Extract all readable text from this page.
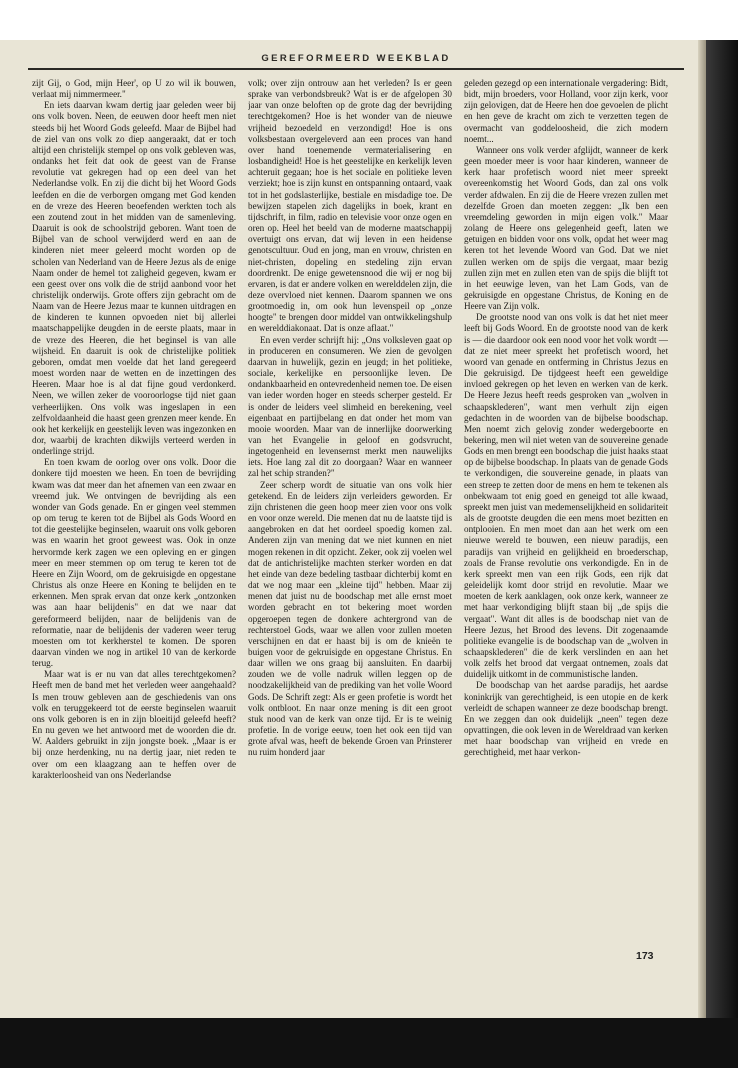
GEREFORMEERD WEEKBLAD

zijt Gij, o God, mijn Heer', op U zo wil ik bouwen, verlaat mij nimmermeer."

En iets daarvan kwam dertig jaar geleden weer bij ons volk boven. Neen, de eeuwen door heeft men niet steeds bij het Woord Gods geleefd. Maar de Bijbel had de ziel van ons volk zo diep aangeraakt, dat er toch altijd een christelijk stempel op ons volk gebleven was, ondanks het feit dat ook de geest van de Franse revolutie vat gekregen had op een deel van het Nederlandse volk. En zij die dicht bij het Woord Gods leefden en die de verborgen omgang met God kenden en de vreze des Heeren beoefenden werkten toch als een zoutend zout in het midden van de samenleving. Daaruit is ook de schoolstrijd geboren. Want toen de Bijbel van de school verwijderd werd en aan de kinderen niet meer geleerd mocht worden op de scholen van Nederland van de Heere Jezus als de enige Naam onder de hemel tot zaligheid gegeven, kwam er een geest over ons volk die de strijd aanbond voor het christelijk onderwijs. Grote offers zijn gebracht om de Naam van de Heere Jezus maar te kunnen uitdragen en de kinderen te kunnen opvoeden niet bij allerlei maatschappelijke deugden in de eerste plaats, maar in de vreze des Heeren, die het beginsel is van alle wijsheid. En daaruit is ook de christelijke politiek geboren, omdat men voelde dat het land geregeerd moest worden naar de wetten en de inzettingen des Heeren. Maar hoe is al dat fijne goud verdonkerd. Neen, we willen zeker de vooroorlogse tijd niet gaan verheerlijken. Ons volk was ingeslapen in een zelfvoldaanheid die haast geen grenzen meer kende. En ook het kerkelijk en geestelijk leven was ingezonken en dor, waarbij de krachten dikwijls verteerd werden in onderlinge strijd.

En toen kwam de oorlog over ons volk. Door die donkere tijd moesten we heen. En toen de bevrijding kwam was dat meer dan het afnemen van een zwaar en vreemd juk. We ontvingen de bevrijding als een wonder van Gods genade. En er gingen veel stemmen op om terug te keren tot de Bijbel als Gods Woord en tot die geestelijke beginselen, waaruit ons volk geboren was en waarin het groot geweest was. Ook in onze hervormde kerk zagen we een opleving en er gingen meer en meer stemmen op om terug te keren tot de Heere en Zijn Woord, om de gekruisigde en opgestane Christus als onze Heere en Koning te belijden en te erkennen. Men sprak ervan dat onze kerk „ontzonken was aan haar belijdenis" en dat we naar dat gereformeerd belijden, naar de belijdenis van de reformatie, naar de belijdenis der vaderen weer terug moesten om tot kerkherstel te komen. De sporen daarvan vinden we nog in artikel 10 van de kerkorde terug.

Maar wat is er nu van dat alles terechtgekomen? Heeft men de band met het verleden weer aangehaald? Is men trouw gebleven aan de geschiedenis van ons volk en teruggekeerd tot de eerste beginselen waaruit ons volk geboren is en in zijn bloeitijd geleefd heeft? En nu geven we het antwoord met de woorden die dr. W. Aalders gebruikt in zijn jongste boek. „Maar is er bij onze herdenking, nu na dertig jaar, niet reden te over om een klaagzang aan te heffen over de karakterloosheid van ons Nederlandse

volk; over zijn ontrouw aan het verleden? Is er geen sprake van verbondsbreuk? Wat is er de afgelopen 30 jaar van onze beloften op de grote dag der bevrijding terechtgekomen? Hoe is het wonder van de nieuwe vrijheid bezoedeld en verzondigd! Hoe is ons volksbestaan overgeleverd aan een proces van hand over hand toenemende vermaterialisering en losbandigheid! Hoe is het geestelijke en kerkelijk leven achteruit gegaan; hoe is het sociale en politieke leven verziekt; hoe is zijn kunst en ontspanning ontaard, vaak tot in het godslasterlijke, bestiale en misdadige toe. De bewijzen stapelen zich dagelijks in boek, krant en tijdschrift, in film, radio en televisie voor onze ogen en oren op. Heel het beeld van de moderne maatschappij overtuigt ons ervan, dat wij leven in een heidense genotscultuur. Oud en jong, man en vrouw, christen en niet-christen, dopeling en stedeling zijn ervan doordrenkt. De enige gewetensnood die wij er nog bij ervaren, is dat er andere volken en werelddelen zijn, die deze overvloed niet kennen. Daarom spannen we ons grootmoedig in, om ook hun levenspeil op „onze hoogte" te brengen door middel van ontwikkelingshulp en werelddiakonaat. Dat is onze aflaat."

En even verder schrijft hij: „Ons volksleven gaat op in produceren en consumeren. We zien de gevolgen daarvan in huwelijk, gezin en jeugd; in het politieke, sociale, kerkelijke en persoonlijke leven. De ondankbaarheid en ontevredenheid nemen toe. De eisen van ieder worden hoger en steeds scherper gesteld. Er is onder de leiders veel slimheid en berekening, veel eigenbaat en partijbelang en dat onder het mom van mooie woorden. Maar van de innerlijke doorwerking van het Evangelie in geloof en godsvrucht, ingetogenheid en levensernst merkt men nauwelijks iets. Hoe lang zal dit zo doorgaan? Waar en wanneer zal het schip stranden?"

Zeer scherp wordt de situatie van ons volk hier getekend. En de leiders zijn verleiders geworden. Er zijn christenen die geen hoop meer zien voor ons volk en voor onze wereld. Die menen dat nu de laatste tijd is aangebroken en dat het oordeel spoedig komen zal. Anderen zijn van mening dat we niet kunnen en niet mogen rekenen in dit opzicht. Zeker, ook zij voelen wel dat de antichristelijke machten sterker worden en dat het einde van deze bedeling tastbaar dichterbij komt en dat we nog maar een „kleine tijd" hebben. Maar zij menen dat juist nu de boodschap met alle ernst moet worden gebracht en tot bekering moet worden opgeroepen tegen de donkere achtergrond van de rechterstoel Gods, waar we allen voor zullen moeten verschijnen en dat er haast bij is om de knieën te buigen voor de gekruisigde en opgestane Christus. En daar willen we ons graag bij aansluiten. En daarbij zouden we de volle nadruk willen leggen op de noodzakelijkheid van de prediking van het volle Woord Gods. De Schrift zegt: Als er geen profetie is wordt het volk ontbloot. En naar onze mening is dit een groot stuk nood van de kerk van onze tijd. Er is te weinig profetie. In de vorige eeuw, toen het ook een tijd van grote afval was, heeft de bekende Groen van Prinsterer nu ruim honderd jaar

geleden gezegd op een internationale vergadering: Bidt, bidt, mijn broeders, voor Holland, voor zijn kerk, voor zijn gelovigen, dat de Heere hen doe gevoelen de plicht en hen geve de kracht om zich te verzetten tegen de overmacht van goddeloosheid, die zich modern noemt...

Wanneer ons volk verder afglijdt, wanneer de kerk geen moeder meer is voor haar kinderen, wanneer de kerk haar profetisch woord niet meer spreekt overeenkomstig het Woord Gods, dan zal ons volk verder afdwalen. En zij die de Heere vrezen zullen met dezelfde Groen dan moeten zeggen: „Ik ben een vreemdeling geworden in mijn eigen volk." Maar zolang de Heere ons gelegenheid geeft, laten we getuigen en bidden voor ons volk, opdat het weer mag keren tot het levende Woord van God. Dat we niet zullen werken om de spijs die vergaat, maar bezig zullen zijn met en zullen eten van de spijs die blijft tot in het eeuwige leven, van het Lam Gods, van de gekruisigde en opgestane Christus, de Koning en de Heere van Zijn volk.

De grootste nood van ons volk is dat het niet meer leeft bij Gods Woord. En de grootste nood van de kerk is — die daardoor ook een nood voor het volk wordt — dat ze niet meer spreekt het profetisch woord, het woord van genade en ontferming in Christus Jezus en Die gekruisigd. De tijdgeest heeft een geweldige invloed gekregen op het leven en werken van de kerk. De Heere Jezus heeft reeds gesproken van „wolven in schaapsklederen", want men verhult zijn eigen gedachten in de woorden van de bijbelse boodschap. Men noemt zich gelovig zonder wedergeboorte en bekering, men wil niet weten van de souvereine genade Gods en men brengt een boodschap die juist haaks staat op de bijbelse boodschap. In plaats van de genade Gods te verkondigen, die souvereine genade, in plaats van een streep te zetten door de mens en hem te tekenen als onbekwaam tot enig goed en geneigd tot alle kwaad, spreekt men juist van medemenselijkheid en solidariteit als de grootste deugden die een mens moet bezitten en ontplooien. En men moet dan aan het werk om een nieuwe wereld te bouwen, een nieuw paradijs, een paradijs van vrijheid en gelijkheid en broederschap, zoals de Franse revolutie ons verkondigde. En in de kerk spreekt men van een rijk Gods, een rijk dat geleidelijk komt door strijd en revolutie. Maar we moeten de kerk aanklagen, ook onze kerk, wanneer ze met haar verkondiging blijft staan bij „de spijs die vergaat". Want dit alles is de boodschap niet van de Heere Jezus, het Brood des levens. Dit zogenaamde politieke evangelie is de boodschap van de „wolven in schaapsklederen" die de kerk verslinden en aan het volk zelfs het brood dat vergaat ontnemen, zoals dat duidelijk uitkomt in de communistische landen.

De boodschap van het aardse paradijs, het aardse koninkrijk van gerechtigheid, is een utopie en de kerk verleidt de schapen wanneer ze deze boodschap brengt. En we zeggen dan ook duidelijk „neen" tegen deze opvattingen, die ook leven in de Wereldraad van kerken met haar boodschap van vrijheid en vrede en gerechtigheid, met haar verkon-

173
